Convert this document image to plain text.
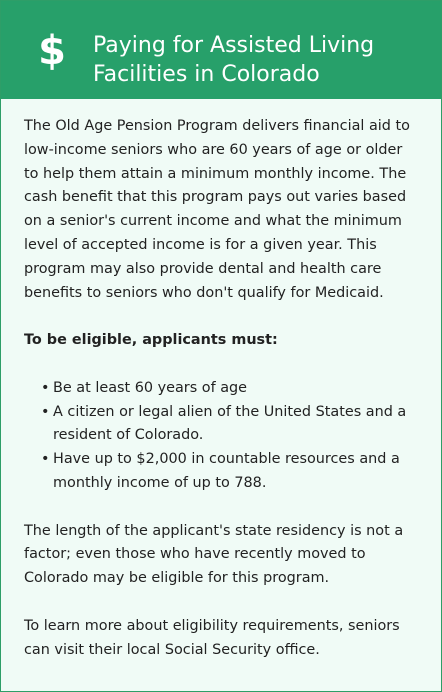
$ Paying for Assisted Living Facilities in Colorado

The Old Age Pension Program delivers financial aid to low-income seniors who are 60 years of age or older to help them attain a minimum monthly income. The cash benefit that this program pays out varies based on a senior's current income and what the minimum level of accepted income is for a given year. This program may also provide dental and health care benefits to seniors who don't qualify for Medicaid.

To be eligible, applicants must:

• Be at least 60 years of age
• A citizen or legal alien of the United States and a resident of Colorado.
• Have up to $2,000 in countable resources and a monthly income of up to 788.

The length of the applicant's state residency is not a factor; even those who have recently moved to Colorado may be eligible for this program.

To learn more about eligibility requirements, seniors can visit their local Social Security office.
